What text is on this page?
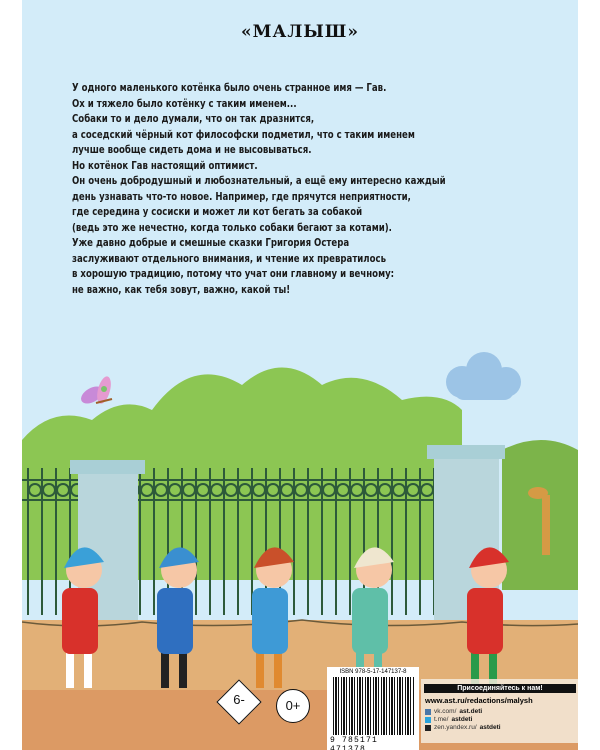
«МАЛЫШ»
У одного маленького котёнка было очень странное имя — Гав.
Ох и тяжело было котёнку с таким именем...
Собаки то и дело думали, что он так дразнится,
а соседский чёрный кот философски подметил, что с таким именем
лучше вообще сидеть дома и не высовываться.
Но котёнок Гав настоящий оптимист.
Он очень добродушный и любознательный, а ещё ему интересно каждый
день узнавать что-то новое. Например, где прячутся неприятности,
где середина у сосиски и может ли кот бегать за собакой
(ведь это же нечестно, когда только собаки бегают за котами).
Уже давно добрые и смешные сказки Григория Остера
заслуживают отдельного внимания, и чтение их превратилось
в хорошую традицию, потому что учат они главному и вечному:
не важно, как тебя зовут, важно, какой ты!
ISBN 978-5-17-147137-8
9 785171 471378
Присоединяйтесь к нам!
www.ast.ru/redactions/malysh
vk.com/ ast.deti
t.me/ astdeti
zen.yandex.ru/ astdeti
6-	0+
